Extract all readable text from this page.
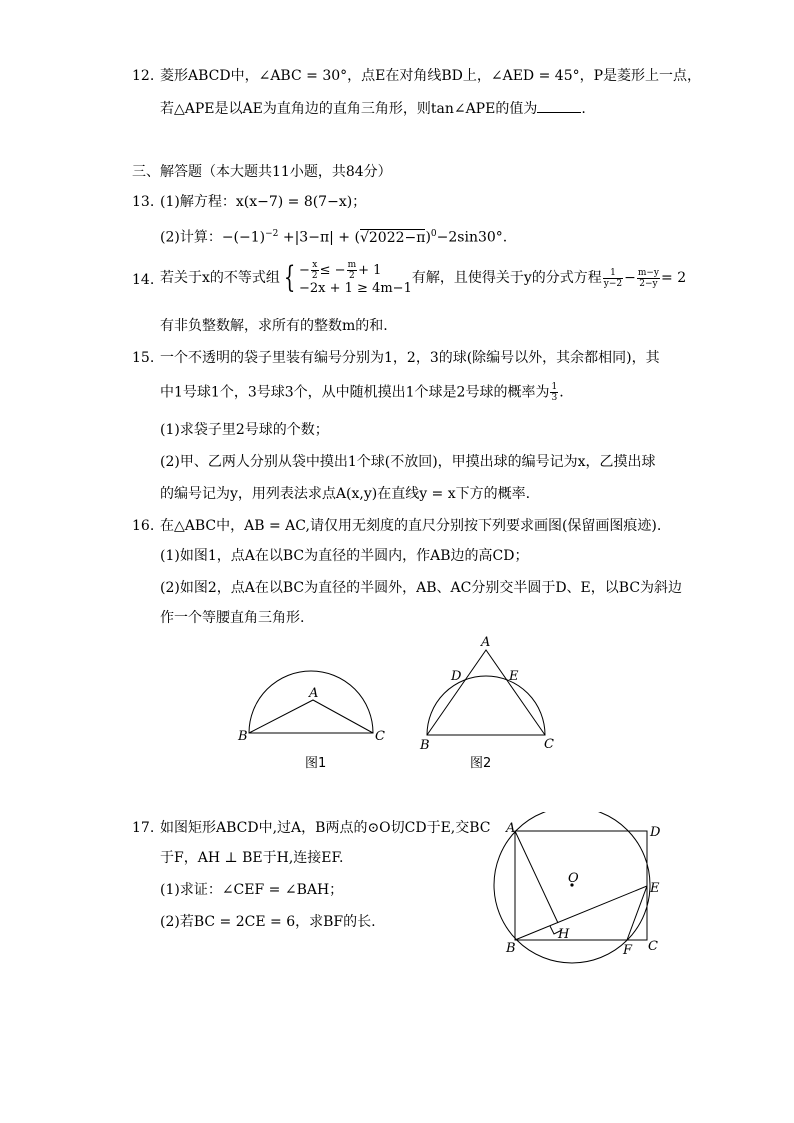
12. 菱形ABCD中，∠ABC = 30°，点E在对角线BD上，∠AED = 45°，P是菱形上一点，
若△APE是以AE为直角边的直角三角形，则tan∠APE的值为	.
三、解答题（本大题共11小题，共84分）
13. (1)解方程：x(x−7) = 8(7−x)；
(2)计算：$-(-1)^{-2} +|3-\pi| + (√2022-\pi)^0-2\sin 30^\circ$.
14. 若关于x的不等式组 { − $\frac{x}{2}$ ≤ − $\frac{m}{2} + 1$
−2x + 1 ≥ 4m−1
有解，且使得关于y的分式方程 $\frac{1}{y-2} - \frac{m-y}{2-y} = 2$
有非负整数解，求所有的整数m的和.
15. 一个不透明的袋子里装有编号分别为1，2，3的球(除编号以外，其余都相同)，其
中1号球1个，3号球3个，从中随机摸出1个球是2号球的概率为 $\frac{1}{3}$ .
(1)求袋子里2号球的个数；
(2)甲、乙两人分别从袋中摸出1个球(不放回)，甲摸出球的编号记为x，乙摸出球
的编号记为y，用列表法求点A(x,y)在直线y = x下方的概率.
16. 在△ABC中，AB = AC,请仅用无刻度的直尺分别按下列要求画图(保留画图痕迹).
(1)如图1，点A在以BC为直径的半圆内，作AB边的高CD；
(2)如图2，点A在以BC为直径的半圆外，AB、AC分别交半圆于D、E，以BC为斜边
作一个等腰直角三角形.
A
B	C
图1
A
B	C
D	E
图2
17. 如图矩形ABCD中,过A，B两点的⊙O切CD于E,交BC
于F，AH ⊥ BE于H,连接EF.
(1)求证：∠CEF = ∠BAH；
(2)若BC = 2CE = 6，求BF的长.
A	D
E
B	C
F
H
O
